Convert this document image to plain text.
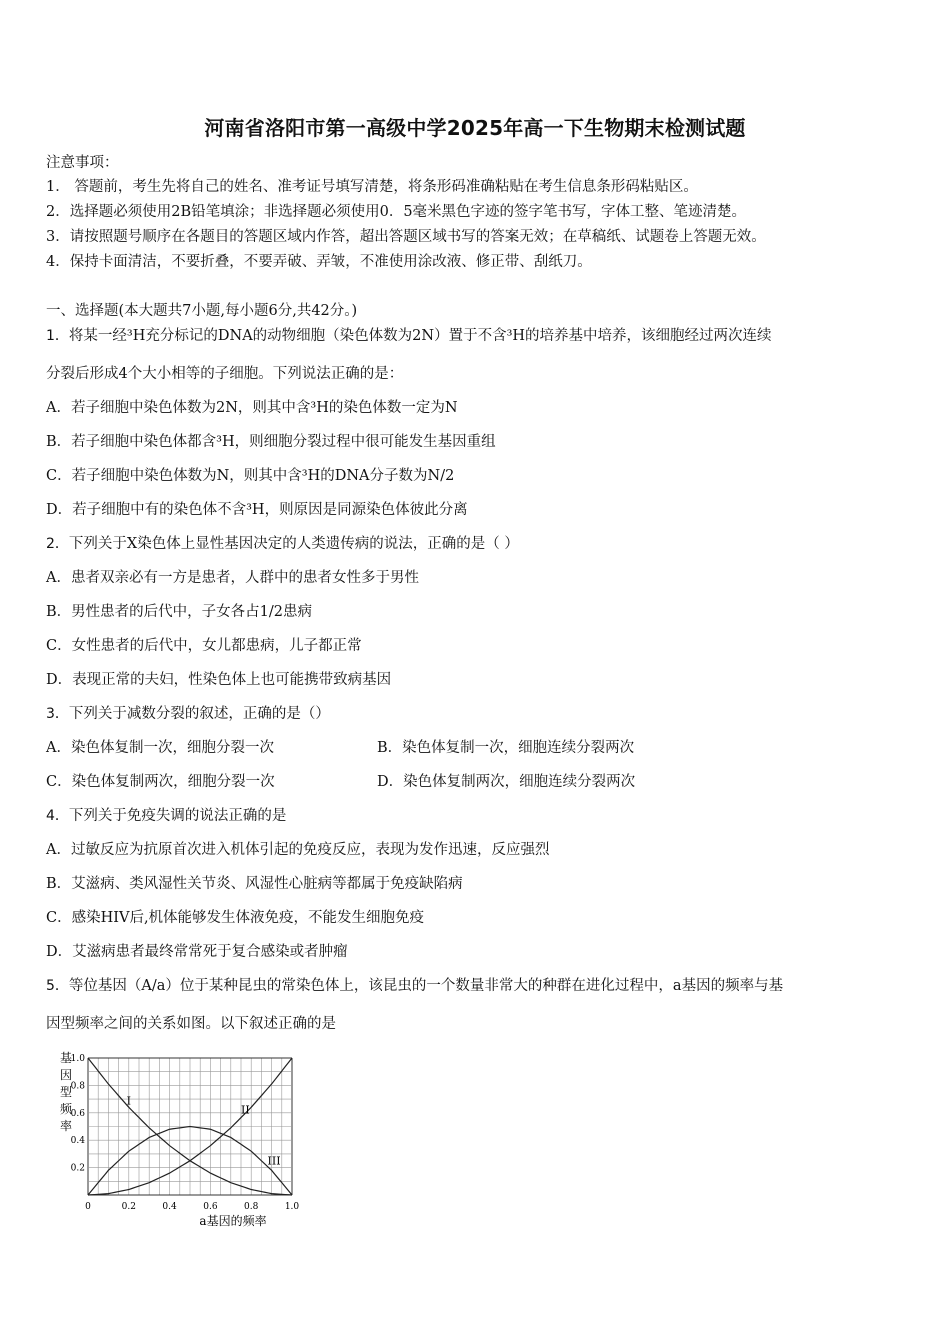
河南省洛阳市第一高级中学2025年高一下生物期末检测试题
注意事项：
1． 答题前，考生先将自己的姓名、准考证号填写清楚，将条形码准确粘贴在考生信息条形码粘贴区。
2．选择题必须使用2B铅笔填涂；非选择题必须使用0．5毫米黑色字迹的签字笔书写，字体工整、笔迹清楚。
3．请按照题号顺序在各题目的答题区域内作答，超出答题区域书写的答案无效；在草稿纸、试题卷上答题无效。
4．保持卡面清洁，不要折叠，不要弄破、弄皱，不准使用涂改液、修正带、刮纸刀。
一、选择题(本大题共7小题,每小题6分,共42分。)
1．将某一经³H充分标记的DNA的动物细胞（染色体数为2N）置于不含³H的培养基中培养，该细胞经过两次连续
分裂后形成4个大小相等的子细胞。下列说法正确的是：
A．若子细胞中染色体数为2N，则其中含³H的染色体数一定为N
B．若子细胞中染色体都含³H，则细胞分裂过程中很可能发生基因重组
C．若子细胞中染色体数为N，则其中含³H的DNA分子数为N/2
D．若子细胞中有的染色体不含³H，则原因是同源染色体彼此分离
2．下列关于X染色体上显性基因决定的人类遗传病的说法，正确的是（ ）
A．患者双亲必有一方是患者，人群中的患者女性多于男性
B．男性患者的后代中，子女各占1/2患病
C．女性患者的后代中，女儿都患病，儿子都正常
D．表现正常的夫妇，性染色体上也可能携带致病基因
3．下列关于减数分裂的叙述，正确的是（）
A．染色体复制一次，细胞分裂一次	B．染色体复制一次，细胞连续分裂两次
C．染色体复制两次，细胞分裂一次	D．染色体复制两次，细胞连续分裂两次
4．下列关于免疫失调的说法正确的是
A．过敏反应为抗原首次进入机体引起的免疫反应，表现为发作迅速，反应强烈
B．艾滋病、类风湿性关节炎、风湿性心脏病等都属于免疫缺陷病
C．感染HIV后,机体能够发生体液免疫，不能发生细胞免疫
D．艾滋病患者最终常常死于复合感染或者肿瘤
5．等位基因（A/a）位于某种昆虫的常染色体上，该昆虫的一个数量非常大的种群在进化过程中，a基因的频率与基
因型频率之间的关系如图。以下叙述正确的是
基
因
型
频
率
0	0.2	0.4	0.6	0.8	1.0
0.2
0.4
0.6
0.8
1.0
I
II
III
a基因的频率
